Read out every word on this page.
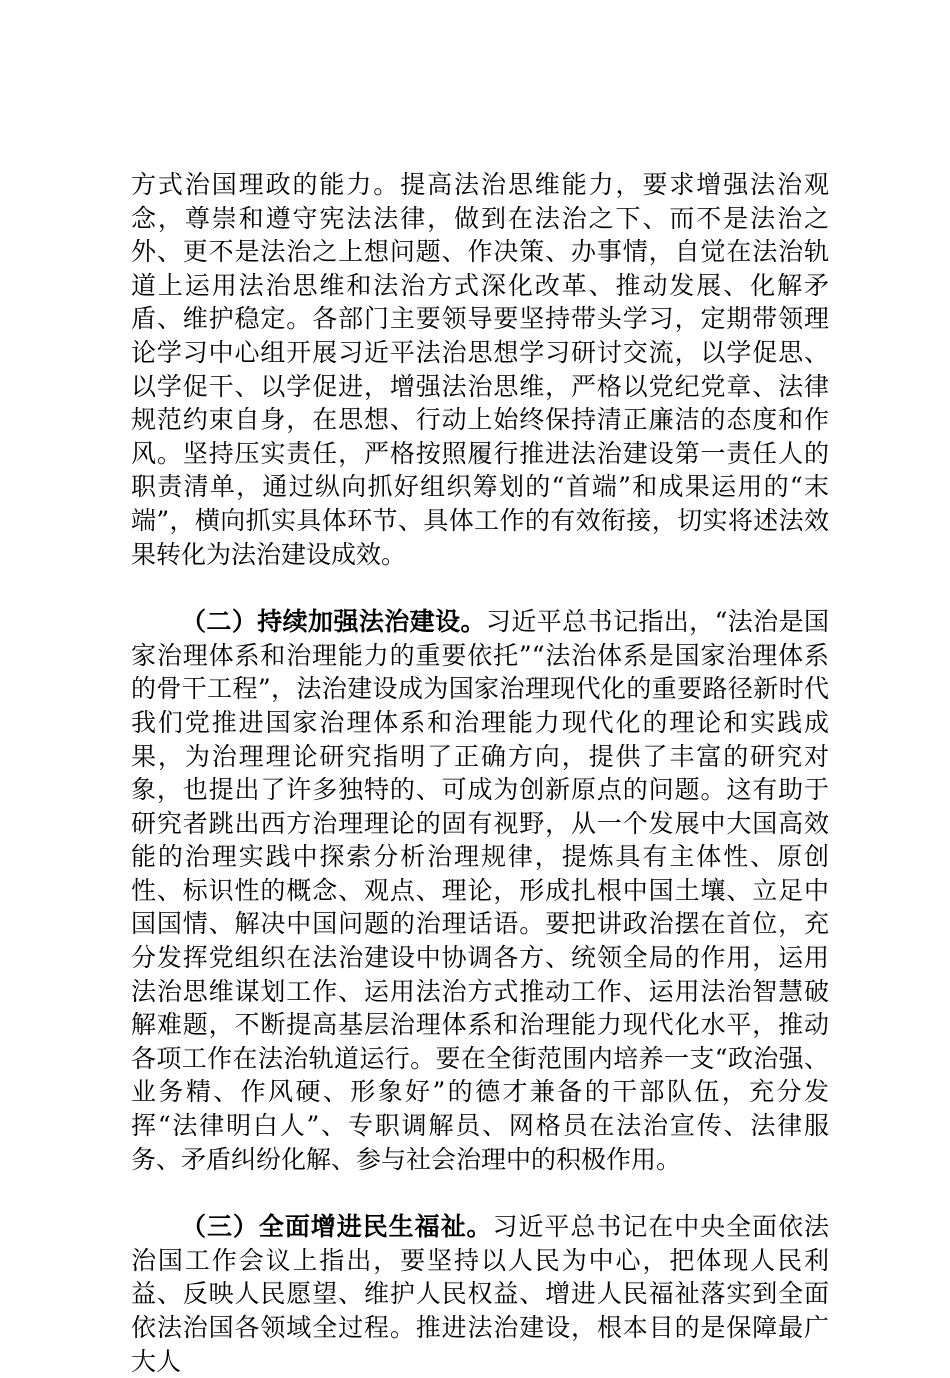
方式治国理政的能力。提高法治思维能力，要求增强法治观念，尊崇和遵守宪法法律，做到在法治之下、而不是法治之外、更不是法治之上想问题、作决策、办事情，自觉在法治轨道上运用法治思维和法治方式深化改革、推动发展、化解矛盾、维护稳定。各部门主要领导要坚持带头学习，定期带领理论学习中心组开展习近平法治思想学习研讨交流，以学促思、以学促干、以学促进，增强法治思维，严格以党纪党章、法律规范约束自身，在思想、行动上始终保持清正廉洁的态度和作风。坚持压实责任，严格按照履行推进法治建设第一责任人的职责清单，通过纵向抓好组织筹划的“首端”和成果运用的“末端”，横向抓实具体环节、具体工作的有效衔接，切实将述法效果转化为法治建设成效。

（二）持续加强法治建设。习近平总书记指出，“法治是国家治理体系和治理能力的重要依托”“法治体系是国家治理体系的骨干工程”，法治建设成为国家治理现代化的重要路径新时代我们党推进国家治理体系和治理能力现代化的理论和实践成果，为治理理论研究指明了正确方向，提供了丰富的研究对象，也提出了许多独特的、可成为创新原点的问题。这有助于研究者跳出西方治理理论的固有视野，从一个发展中大国高效能的治理实践中探索分析治理规律，提炼具有主体性、原创性、标识性的概念、观点、理论，形成扎根中国土壤、立足中国国情、解决中国问题的治理话语。要把讲政治摆在首位，充分发挥党组织在法治建设中协调各方、统领全局的作用，运用法治思维谋划工作、运用法治方式推动工作、运用法治智慧破解难题，不断提高基层治理体系和治理能力现代化水平，推动各项工作在法治轨道运行。要在全街范围内培养一支“政治强、业务精、作风硬、形象好”的德才兼备的干部队伍，充分发挥“法律明白人”、专职调解员、网格员在法治宣传、法律服务、矛盾纠纷化解、参与社会治理中的积极作用。

（三）全面增进民生福祉。习近平总书记在中央全面依法治国工作会议上指出，要坚持以人民为中心，把体现人民利益、反映人民愿望、维护人民权益、增进人民福祉落实到全面依法治国各领域全过程。推进法治建设，根本目的是保障最广大人
